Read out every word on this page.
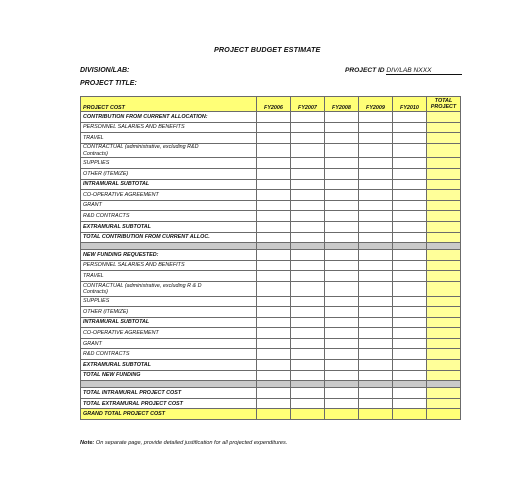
PROJECT BUDGET ESTIMATE
DIVISION/LAB:
PROJECT TITLE:
PROJECT ID DIV/LAB NXXX
PROJECT COST	FY2006	FY2007	FY2008	FY2009	FY2010	TOTAL
PROJECT
CONTRIBUTION FROM CURRENT ALLOCATION:						
PERSONNEL SALARIES AND BENEFITS						
TRAVEL						
CONTRACTUAL (administrative, excluding R&D
Contracts)						
SUPPLIES						
OTHER (ITEMIZE)						
INTRAMURAL SUBTOTAL						
CO-OPERATIVE AGREEMENT						
GRANT						
R&D CONTRACTS						
EXTRAMURAL SUBTOTAL						
TOTAL CONTRIBUTION FROM CURRENT ALLOC.						

NEW FUNDING REQUESTED:						
PERSONNEL SALARIES AND BENEFITS						
TRAVEL						
CONTRACTUAL (administrative, excluding R & D
Contracts)						
SUPPLIES						
OTHER (ITEMIZE)						
INTRAMURAL SUBTOTAL						
CO-OPERATIVE AGREEMENT						
GRANT						
R&D CONTRACTS						
EXTRAMURAL SUBTOTAL						
TOTAL NEW FUNDING						

TOTAL INTRAMURAL PROJECT COST						
TOTAL EXTRAMURAL PROJECT COST						
GRAND TOTAL PROJECT COST						
Note: On separate page, provide detailed justification for all projected expenditures.
